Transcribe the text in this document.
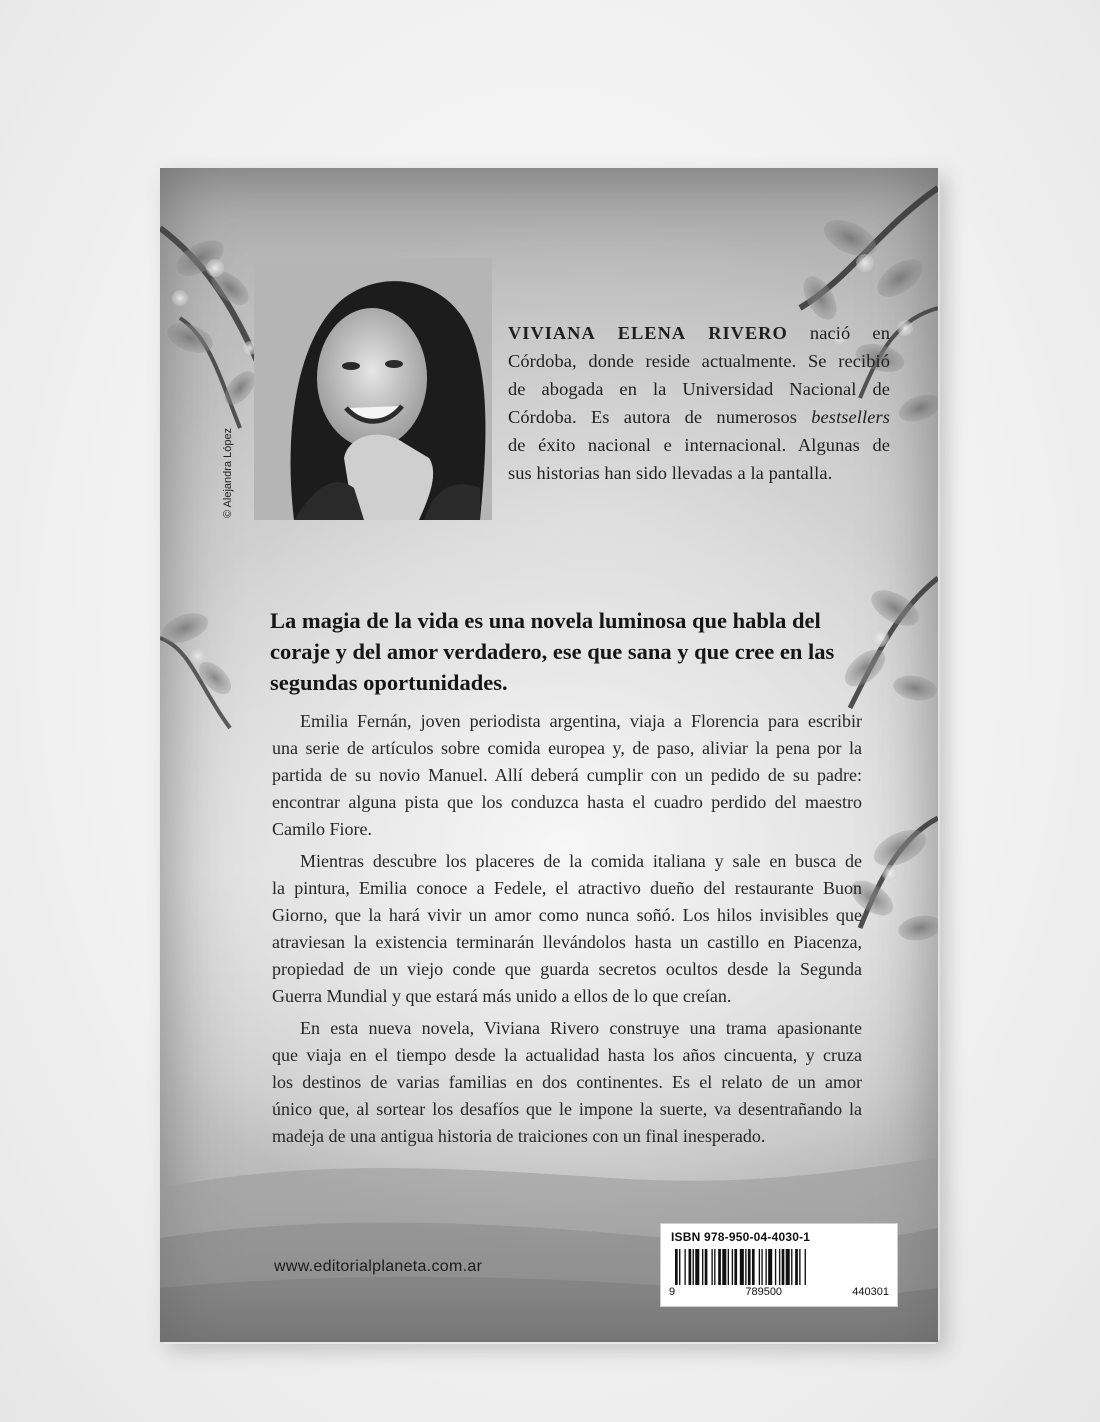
© Alejandra López
VIVIANA ELENA RIVERO nació en
Córdoba, donde reside actualmente. Se recibió
de abogada en la Universidad Nacional de
Córdoba. Es autora de numerosos bestsellers
de éxito nacional e internacional. Algunas de
sus historias han sido llevadas a la pantalla.
La magia de la vida es una novela luminosa que habla del
coraje y del amor verdadero, ese que sana y que cree en las
segundas oportunidades.
Emilia Fernán, joven periodista argentina, viaja a Florencia para escribir
una serie de artículos sobre comida europea y, de paso, aliviar la pena por la
partida de su novio Manuel. Allí deberá cumplir con un pedido de su padre:
encontrar alguna pista que los conduzca hasta el cuadro perdido del maestro
Camilo Fiore.
Mientras descubre los placeres de la comida italiana y sale en busca de
la pintura, Emilia conoce a Fedele, el atractivo dueño del restaurante Buon
Giorno, que la hará vivir un amor como nunca soñó. Los hilos invisibles que
atraviesan la existencia terminarán llevándolos hasta un castillo en Piacenza,
propiedad de un viejo conde que guarda secretos ocultos desde la Segunda
Guerra Mundial y que estará más unido a ellos de lo que creían.
En esta nueva novela, Viviana Rivero construye una trama apasionante
que viaja en el tiempo desde la actualidad hasta los años cincuenta, y cruza
los destinos de varias familias en dos continentes. Es el relato de un amor
único que, al sortear los desafíos que le impone la suerte, va desentrañando la
madeja de una antigua historia de traiciones con un final inesperado.
www.editorialplaneta.com.ar
ISBN 978-950-04-4030-1
9	789500	440301
